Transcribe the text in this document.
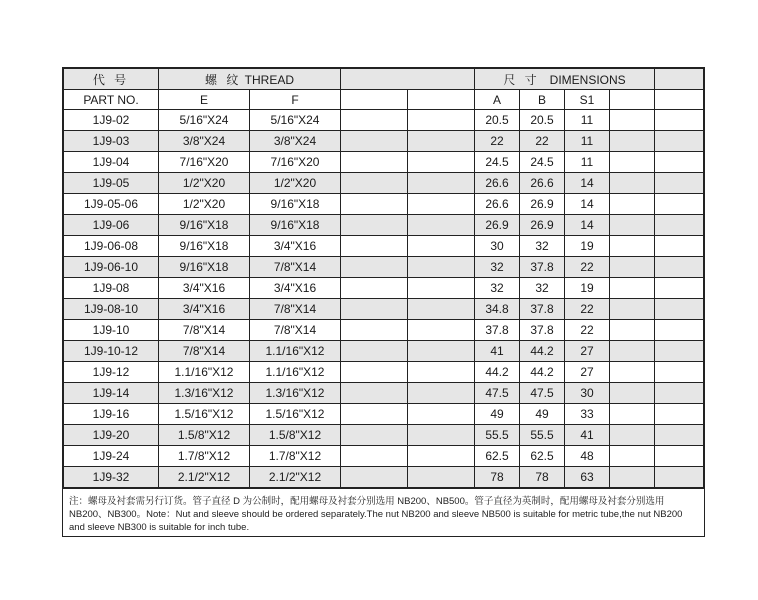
代 号	螺 纹 THREAD				尺 寸 DIMENSIONS				
PART NO.	E	F			A	B	S1		
1J9-02	5/16"X24	5/16"X24			20.5	20.5	11		
1J9-03	3/8"X24	3/8"X24			22	22	11		
1J9-04	7/16"X20	7/16"X20			24.5	24.5	11		
1J9-05	1/2"X20	1/2"X20			26.6	26.6	14		
1J9-05-06	1/2"X20	9/16"X18			26.6	26.9	14		
1J9-06	9/16"X18	9/16"X18			26.9	26.9	14		
1J9-06-08	9/16"X18	3/4"X16			30	32	19		
1J9-06-10	9/16"X18	7/8"X14			32	37.8	22		
1J9-08	3/4"X16	3/4"X16			32	32	19		
1J9-08-10	3/4"X16	7/8"X14			34.8	37.8	22		
1J9-10	7/8"X14	7/8"X14			37.8	37.8	22		
1J9-10-12	7/8"X14	1.1/16"X12			41	44.2	27		
1J9-12	1.1/16"X12	1.1/16"X12			44.2	44.2	27		
1J9-14	1.3/16"X12	1.3/16"X12			47.5	47.5	30		
1J9-16	1.5/16"X12	1.5/16"X12			49	49	33		
1J9-20	1.5/8"X12	1.5/8"X12			55.5	55.5	41		
1J9-24	1.7/8"X12	1.7/8"X12			62.5	62.5	48		
1J9-32	2.1/2"X12	2.1/2"X12			78	78	63		
注：螺母及衬套需另行订货。管子直径 D 为公制时，配用螺母及衬套分别选用 NB200、NB500。管子直径为英制时，配用螺母及衬套分别选用 NB200、NB300。Note：Nut and sleeve should be ordered separately.The nut NB200 and sleeve NB500 is suitable for metric tube,the nut NB200 and sleeve NB300 is suitable for inch tube.
